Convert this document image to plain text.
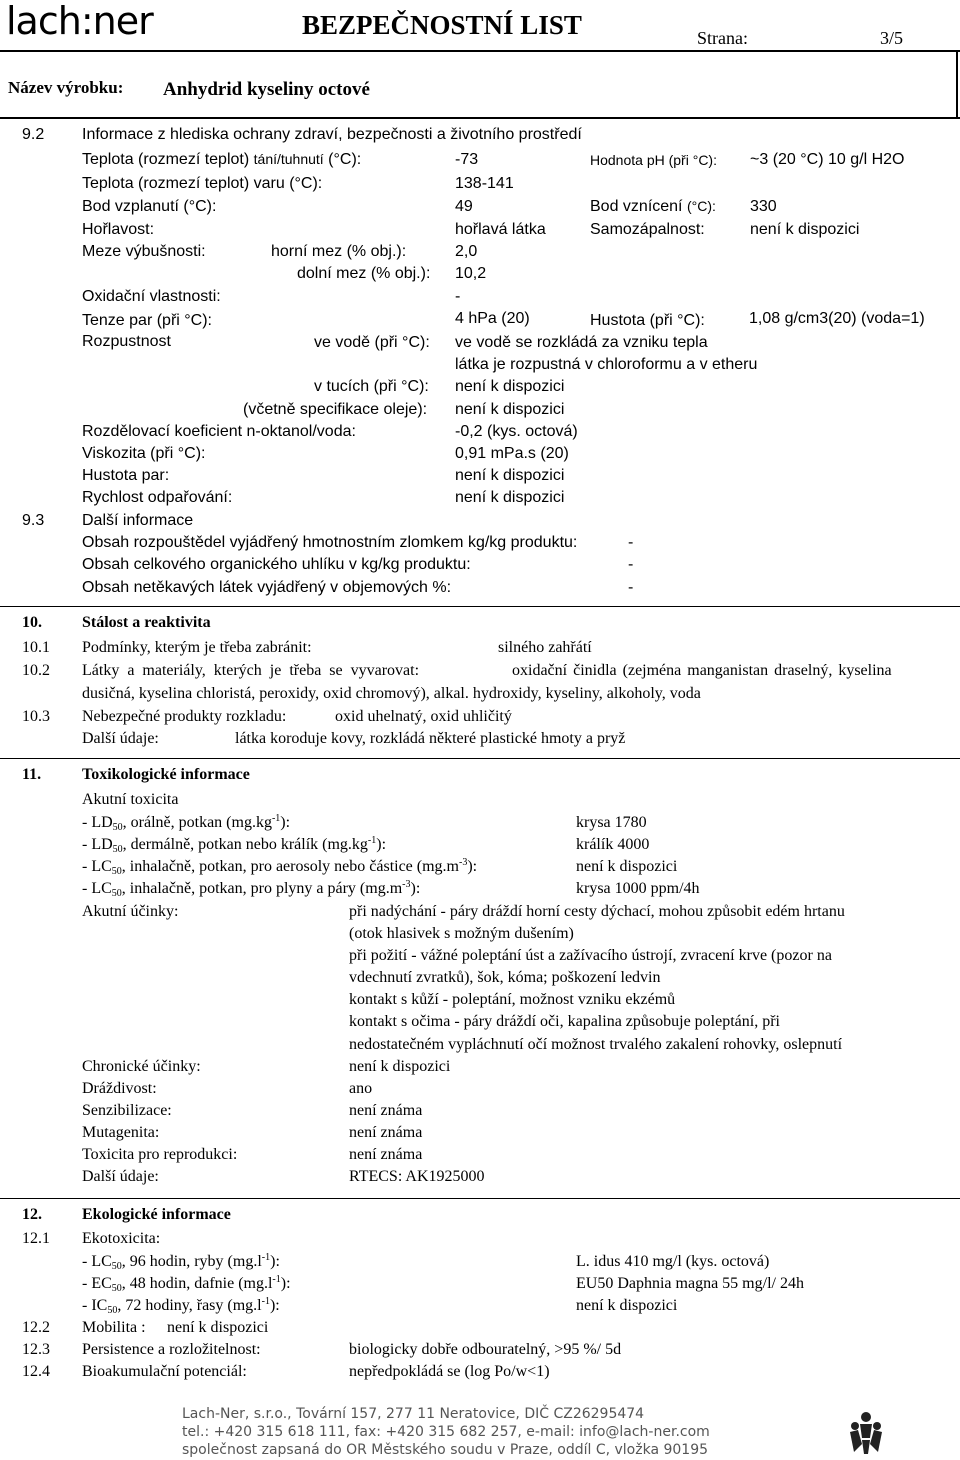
lach:ner	BEZPEČNOSTNÍ LIST	Strana:	3/5
Název výrobku: Anhydrid kyseliny octové
9.2 Informace z hlediska ochrany zdraví, bezpečnosti a životního prostředí
Teplota (rozmezí teplot) tání/tuhnutí (°C):	-73	Hodnota pH (při °C): ~3 (20 °C) 10 g/l H2O
Teplota (rozmezí teplot) varu (°C):	138-141
Bod vzplanutí (°C):	49	Bod vznícení (°C): 330
Hořlavost:	hořlavá látka	Samozápalnost:	není k dispozici
Meze výbušnosti:	horní mez (% obj.):	2,0
dolní mez (% obj.): 10,2
Oxidační vlastnosti:	-
Tenze par (při °C):	4 hPa (20)	Hustota (při °C):	1,08 g/cm3(20) (voda=1)
Rozpustnost	ve vodě (při °C): ve vodě se rozkládá za vzniku tepla
látka je rozpustná v chloroformu a v etheru
v tucích (při °C): není k dispozici
(včetně specifikace oleje): není k dispozici
Rozdělovací koeficient n-oktanol/voda:	-0,2 (kys. octová)
Viskozita (při °C):	0,91 mPa.s (20)
Hustota par:	není k dispozici
Rychlost odpařování:	není k dispozici
9.3 Další informace
Obsah rozpouštědel vyjádřený hmotnostním zlomkem kg/kg produktu:	-
Obsah celkového organického uhlíku v kg/kg produktu:	-
Obsah netěkavých látek vyjádřený v objemových %:	-
10.	Stálost a reaktivita
10.1 Podmínky, kterým je třeba zabránit:	silného zahřátí
10.2 Látky a materiály, kterých je třeba se vyvarovat:	oxidační činidla (zejména manganistan draselný, kyselina
dusičná, kyselina chloristá, peroxidy, oxid chromový), alkal. hydroxidy, kyseliny, alkoholy, voda
10.3 Nebezpečné produkty rozkladu:	oxid uhelnatý, oxid uhličitý
Další údaje:	látka koroduje kovy, rozkládá některé plastické hmoty a pryž
11.	Toxikologické informace
Akutní toxicita
- $LD_{50}$, orálně, potkan $(mg.kg^{-1})$:	krysa 1780
- $LD_{50}$, dermálně, potkan nebo králík $(mg.kg^{-1})$:	králík 4000
- $LC_{50}$, inhalačně, potkan, pro aerosoly nebo částice $(mg.m^{-3})$:	není k dispozici
- $LC_{50}$, inhalačně, potkan, pro plyny a páry $(mg.m^{-3})$:	krysa 1000 ppm/4h
Akutní účinky:	při nadýchání - páry dráždí horní cesty dýchací, mohou způsobit edém hrtanu
(otok hlasivek s možným dušením)
při požití - vážné poleptání úst a zažívacího ústrojí, zvracení krve (pozor na
vdechnutí zvratků), šok, kóma; poškození ledvin
kontakt s kůží - poleptání, možnost vzniku ekzémů
kontakt s očima - páry dráždí oči, kapalina způsobuje poleptání, při
nedostatečném vypláchnutí očí možnost trvalého zakalení rohovky, oslepnutí
Chronické účinky:	není k dispozici
Dráždivost:	ano
Senzibilizace:	není známa
Mutagenita:	není známa
Toxicita pro reprodukci:	není známa
Další údaje:	RTECS: AK1925000
12.	Ekologické informace
12.1 Ekotoxicita:
- $LC_{50}$, 96 hodin, ryby $(mg.l^{-1})$:	L. idus 410 mg/l (kys. octová)
- $EC_{50}$, 48 hodin, dafnie $(mg.l^{-1})$:	EU50 Daphnia magna 55 mg/l/ 24h
- $IC_{50}$, 72 hodiny, řasy $(mg.l^{-1})$:	není k dispozici
12.2 Mobilita : není k dispozici
12.3 Persistence a rozložitelnost:	biologicky dobře odbouratelný, >95 %/ 5d
12.4 Bioakumulační potenciál:	nepředpokládá se (log Po/w<1)
Lach-Ner, s.r.o., Tovární 157, 277 11 Neratovice, DIČ CZ26295474
tel.: +420 315 618 111, fax: +420 315 682 257, e-mail: info@lach-ner.com
společnost zapsaná do OR Městského soudu v Praze, oddíl C, vložka 90195
